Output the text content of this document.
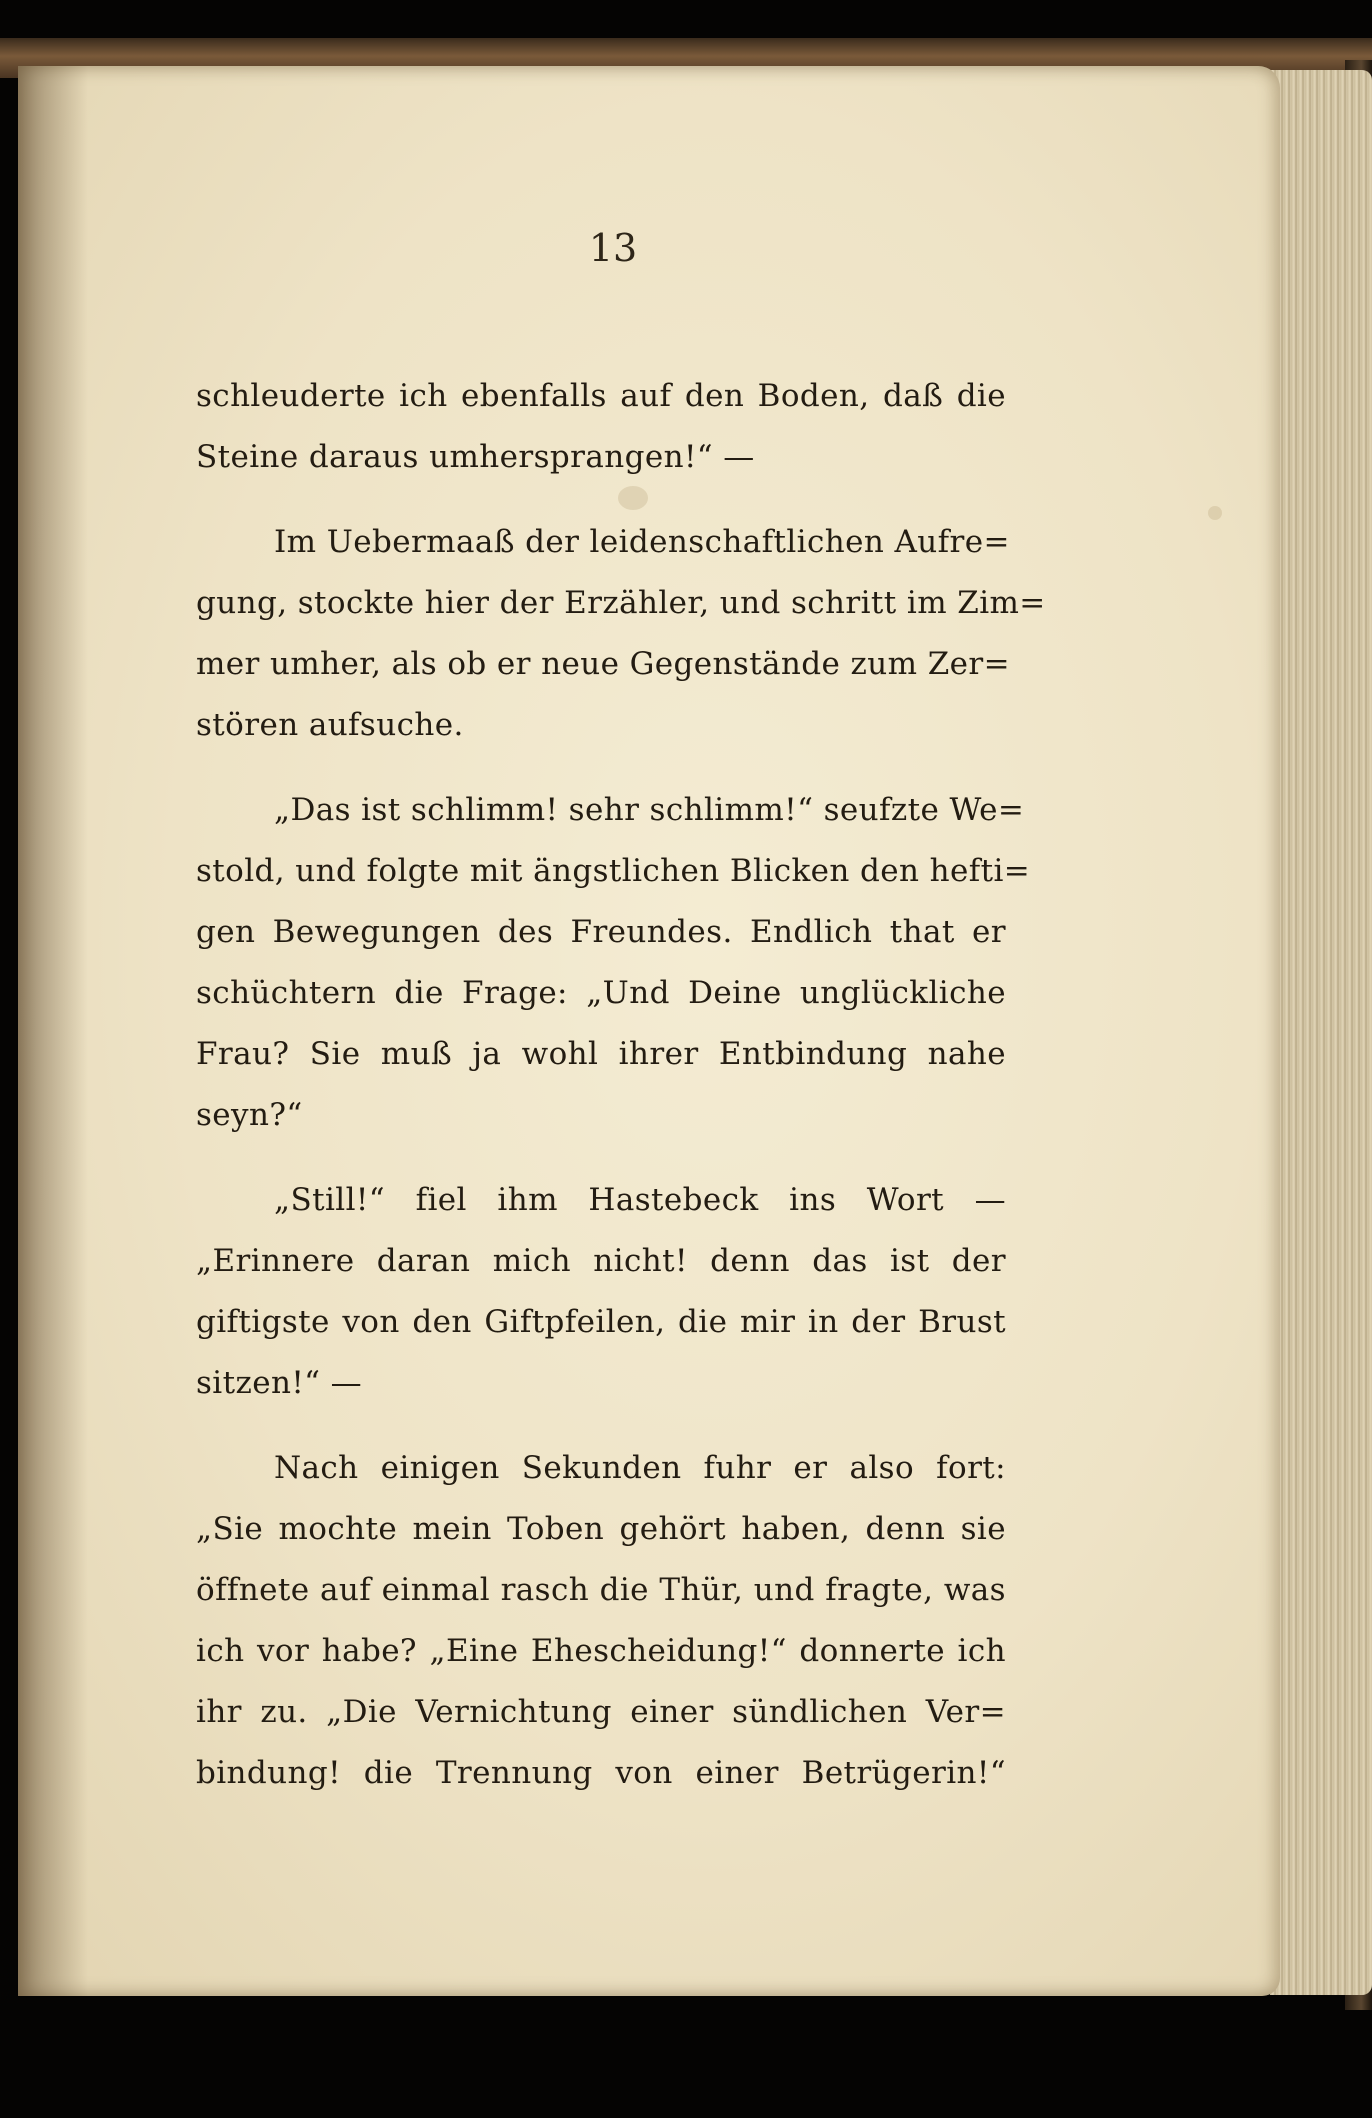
13
schleuderte ich ebenfalls auf den Boden, daß die
Steine daraus umhersprangen!“ —
Im Uebermaaß der leidenschaftlichen Aufre=
gung, stockte hier der Erzähler, und schritt im Zim=
mer umher, als ob er neue Gegenstände zum Zer=
stören aufsuche.
„Das ist schlimm! sehr schlimm!“ seufzte We=
stold, und folgte mit ängstlichen Blicken den hefti=
gen Bewegungen des Freundes. Endlich that er
schüchtern die Frage: „Und Deine unglückliche
Frau? Sie muß ja wohl ihrer Entbindung nahe
seyn?“
„Still!“ fiel ihm Hastebeck ins Wort —
„Erinnere daran mich nicht! denn das ist der
giftigste von den Giftpfeilen, die mir in der Brust
sitzen!“ —
Nach einigen Sekunden fuhr er also fort:
„Sie mochte mein Toben gehört haben, denn sie
öffnete auf einmal rasch die Thür, und fragte, was
ich vor habe? „Eine Ehescheidung!“ donnerte ich
ihr zu. „Die Vernichtung einer sündlichen Ver=
bindung! die Trennung von einer Betrügerin!“
